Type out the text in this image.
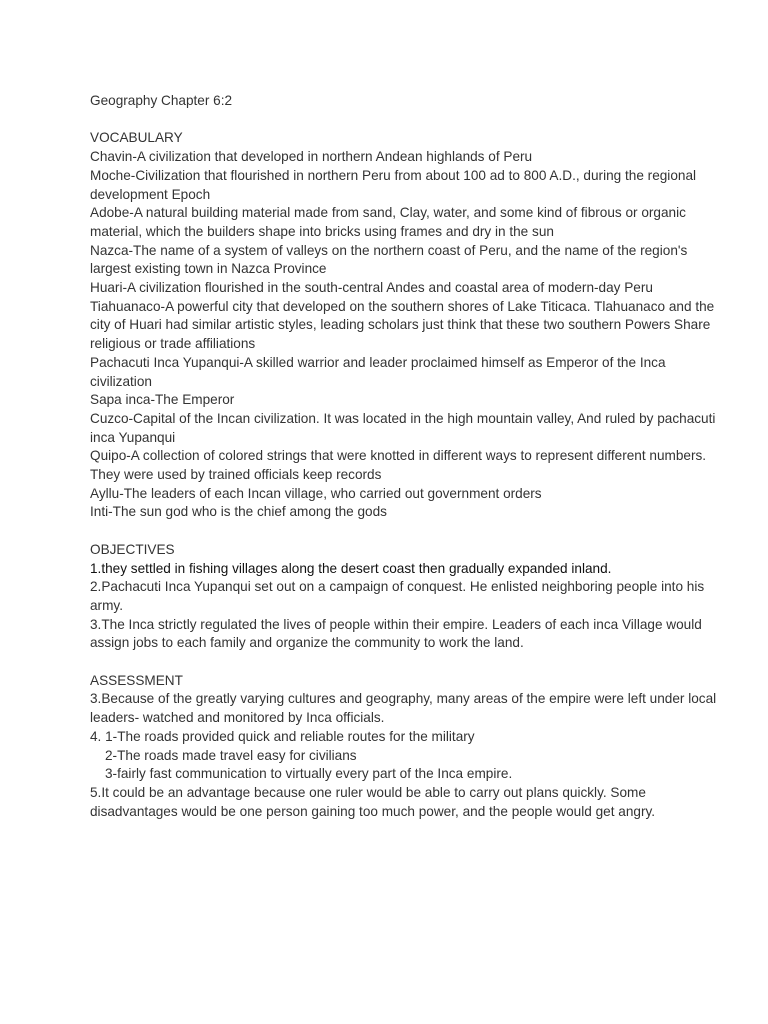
Geography Chapter 6:2

VOCABULARY

Chavin-A civilization that developed in northern Andean highlands of Peru

Moche-Civilization that flourished in northern Peru from about 100 ad to 800 A.D., during the regional development Epoch

Adobe-A natural building material made from sand, Clay, water, and some kind of fibrous or organic material, which the builders shape into bricks using frames and dry in the sun

Nazca-The name of a system of valleys on the northern coast of Peru, and the name of the region's largest existing town in Nazca Province

Huari-A civilization flourished in the south-central Andes and coastal area of modern-day Peru

Tiahuanaco-A powerful city that developed on the southern shores of Lake Titicaca. Tlahuanaco and the city of Huari had similar artistic styles, leading scholars just think that these two southern Powers Share religious or trade affiliations

Pachacuti Inca Yupanqui-A skilled warrior and leader proclaimed himself as Emperor of the Inca civilization

Sapa inca-The Emperor

Cuzco-Capital of the Incan civilization. It was located in the high mountain valley, And ruled by pachacuti inca Yupanqui

Quipo-A collection of colored strings that were knotted in different ways to represent different numbers. They were used by trained officials keep records

Ayllu-The leaders of each Incan village, who carried out government orders

Inti-The sun god who is the chief among the gods

OBJECTIVES

1.they settled in fishing villages along the desert coast then gradually expanded inland.

2.Pachacuti Inca Yupanqui set out on a campaign of conquest. He enlisted neighboring people into his army.

3.The Inca strictly regulated the lives of people within their empire. Leaders of each inca Village would assign jobs to each family and organize the community to work the land.

ASSESSMENT

3.Because of the greatly varying cultures and geography, many areas of the empire were left under local leaders- watched and monitored by Inca officials.

4. 1-The roads provided quick and reliable routes for the military

2-The roads made travel easy for civilians

3-fairly fast communication to virtually every part of the Inca empire.

5.It could be an advantage because one ruler would be able to carry out plans quickly. Some disadvantages would be one person gaining too much power, and the people would get angry.
